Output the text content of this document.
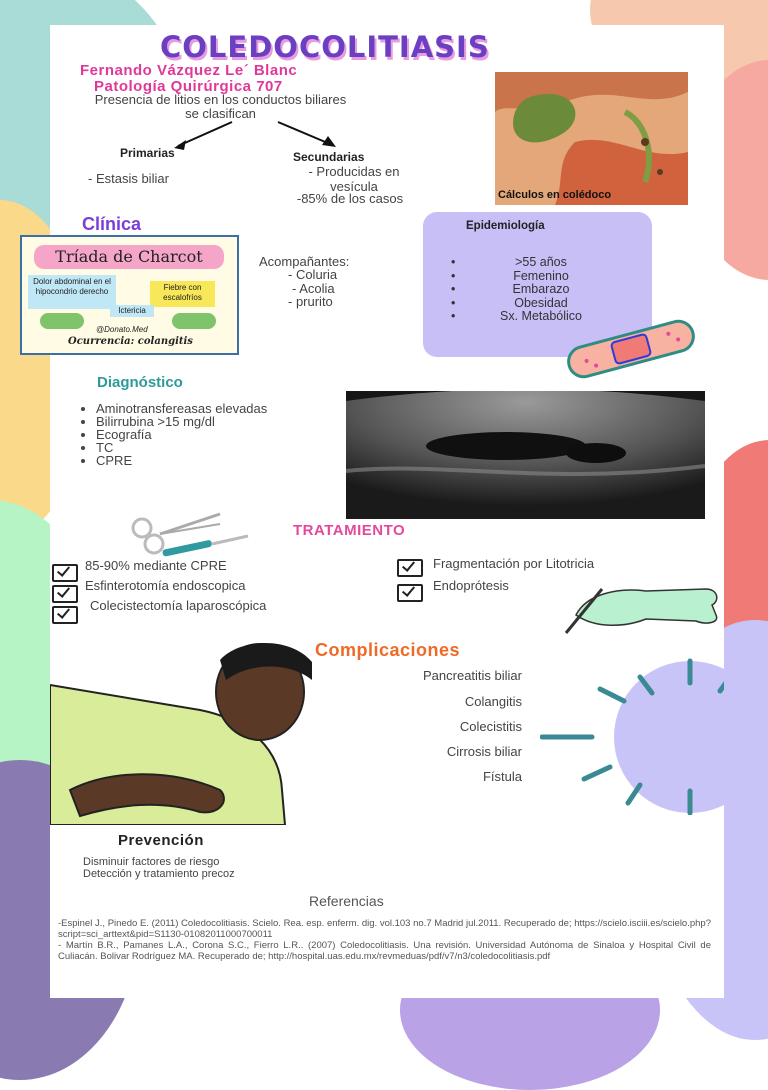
COLEDOCOLITIASIS
Fernando Vázquez Le´ Blanc
Patología Quirúrgica 707
Presencia de litios en los conductos biliares se clasifican
Primarias
- Estasis biliar
Secundarias
- Producidas en vesícula
-85% de los casos	Cálculos en colédoco
Clínica
Tríada de Charcot
Dolor abdominal en el hipocondrio derecho	Fiebre con escalofríos
Ictericia
@Donato.Med
Ocurrencia: colangitis
Acompañantes:
- Coluria
- Acolia
- prurito
Epidemiología
•	>55 años
•	Femenino
•	Embarazo
•	Obesidad
•	Sx. Metabólico
Diagnóstico
• Aminotransfereasas elevadas
• Bilirrubina >15 mg/dl
• Ecografía
• TC
• CPRE
TRATAMIENTO
85-90% mediante CPRE
Esfinterotomía endoscopica
Colecistectomía laparoscópica
Fragmentación por Litotricia
Endoprótesis
Complicaciones
Pancreatitis biliar
Colangitis
Colecistitis
Cirrosis biliar
Fístula
Prevención
Disminuir factores de riesgo
Detección y tratamiento precoz
Referencias
-Espinel J., Pinedo E. (2011) Coledocolitiasis. Scielo. Rea. esp. enferm. dig. vol.103 no.7 Madrid jul.2011. Recuperado de; https://scielo.isciii.es/scielo.php?script=sci_arttext&pid=S1130-01082011000700011
- Martín B.R., Pamanes L.A., Corona S.C., Fierro L.R.. (2007) Coledocolitiasis. Una revisión. Universidad Autónoma de Sinaloa y Hospital Civil de Culiacán. Bolivar Rodríguez MA. Recuperado de; http://hospital.uas.edu.mx/revmeduas/pdf/v7/n3/coledocolitiasis.pdf
